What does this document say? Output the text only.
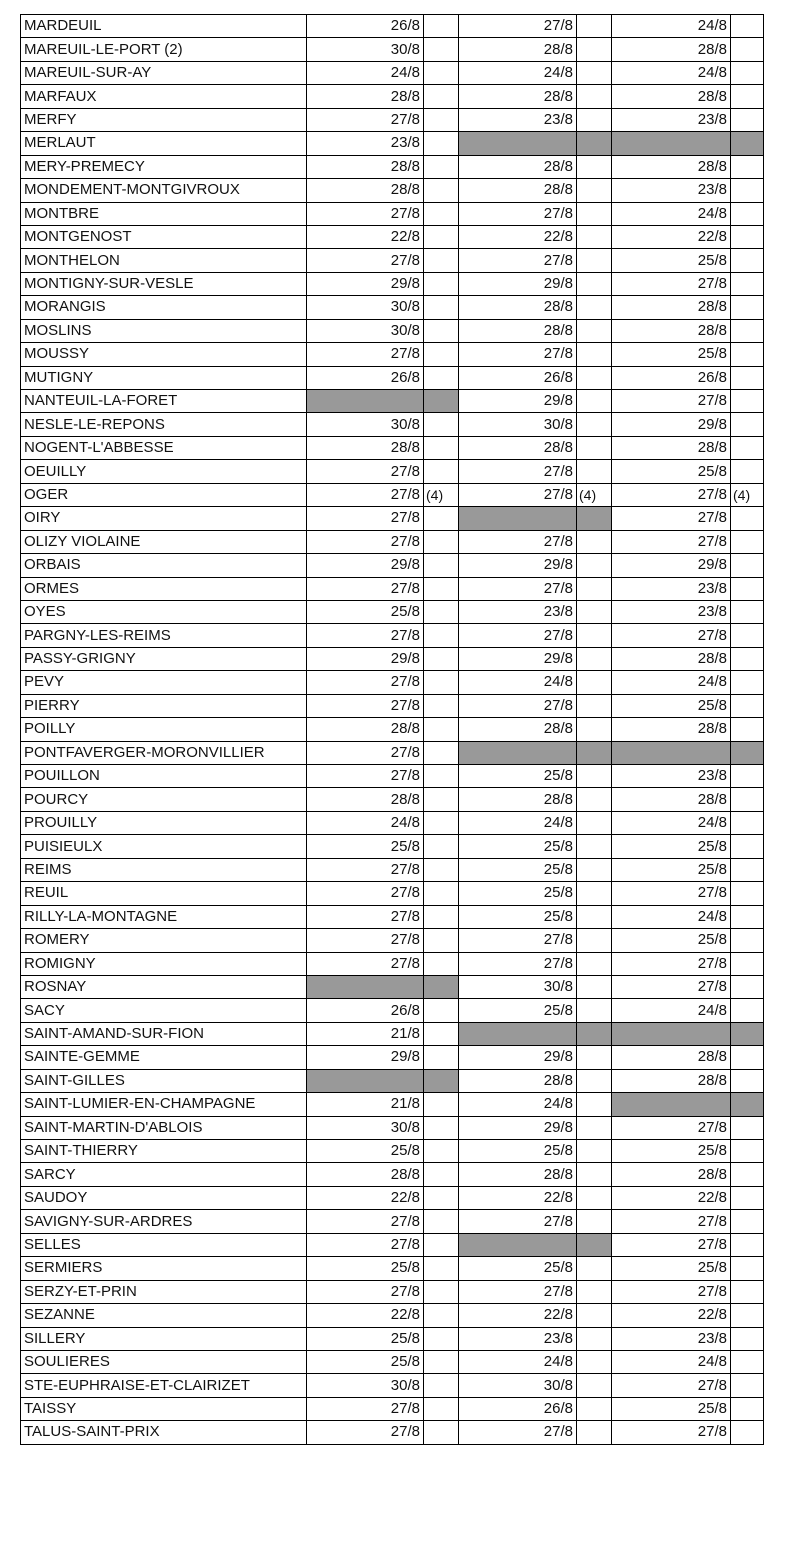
MARDEUIL	26/8		27/8		24/8	
MAREUIL-LE-PORT (2)	30/8		28/8		28/8	
MAREUIL-SUR-AY	24/8		24/8		24/8	
MARFAUX	28/8		28/8		28/8	
MERFY	27/8		23/8		23/8	
MERLAUT	23/8					
MERY-PREMECY	28/8		28/8		28/8	
MONDEMENT-MONTGIVROUX	28/8		28/8		23/8	
MONTBRE	27/8		27/8		24/8	
MONTGENOST	22/8		22/8		22/8	
MONTHELON	27/8		27/8		25/8	
MONTIGNY-SUR-VESLE	29/8		29/8		27/8	
MORANGIS	30/8		28/8		28/8	
MOSLINS	30/8		28/8		28/8	
MOUSSY	27/8		27/8		25/8	
MUTIGNY	26/8		26/8		26/8	
NANTEUIL-LA-FORET			29/8		27/8	
NESLE-LE-REPONS	30/8		30/8		29/8	
NOGENT-L'ABBESSE	28/8		28/8		28/8	
OEUILLY	27/8		27/8		25/8	
OGER	27/8	(4)	27/8	(4)	27/8	(4)
OIRY	27/8				27/8	
OLIZY VIOLAINE	27/8		27/8		27/8	
ORBAIS	29/8		29/8		29/8	
ORMES	27/8		27/8		23/8	
OYES	25/8		23/8		23/8	
PARGNY-LES-REIMS	27/8		27/8		27/8	
PASSY-GRIGNY	29/8		29/8		28/8	
PEVY	27/8		24/8		24/8	
PIERRY	27/8		27/8		25/8	
POILLY	28/8		28/8		28/8	
PONTFAVERGER-MORONVILLIER	27/8					
POUILLON	27/8		25/8		23/8	
POURCY	28/8		28/8		28/8	
PROUILLY	24/8		24/8		24/8	
PUISIEULX	25/8		25/8		25/8	
REIMS	27/8		25/8		25/8	
REUIL	27/8		25/8		27/8	
RILLY-LA-MONTAGNE	27/8		25/8		24/8	
ROMERY	27/8		27/8		25/8	
ROMIGNY	27/8		27/8		27/8	
ROSNAY			30/8		27/8	
SACY	26/8		25/8		24/8	
SAINT-AMAND-SUR-FION	21/8					
SAINTE-GEMME	29/8		29/8		28/8	
SAINT-GILLES			28/8		28/8	
SAINT-LUMIER-EN-CHAMPAGNE	21/8		24/8			
SAINT-MARTIN-D'ABLOIS	30/8		29/8		27/8	
SAINT-THIERRY	25/8		25/8		25/8	
SARCY	28/8		28/8		28/8	
SAUDOY	22/8		22/8		22/8	
SAVIGNY-SUR-ARDRES	27/8		27/8		27/8	
SELLES	27/8				27/8	
SERMIERS	25/8		25/8		25/8	
SERZY-ET-PRIN	27/8		27/8		27/8	
SEZANNE	22/8		22/8		22/8	
SILLERY	25/8		23/8		23/8	
SOULIERES	25/8		24/8		24/8	
STE-EUPHRAISE-ET-CLAIRIZET	30/8		30/8		27/8	
TAISSY	27/8		26/8		25/8	
TALUS-SAINT-PRIX	27/8		27/8		27/8	
